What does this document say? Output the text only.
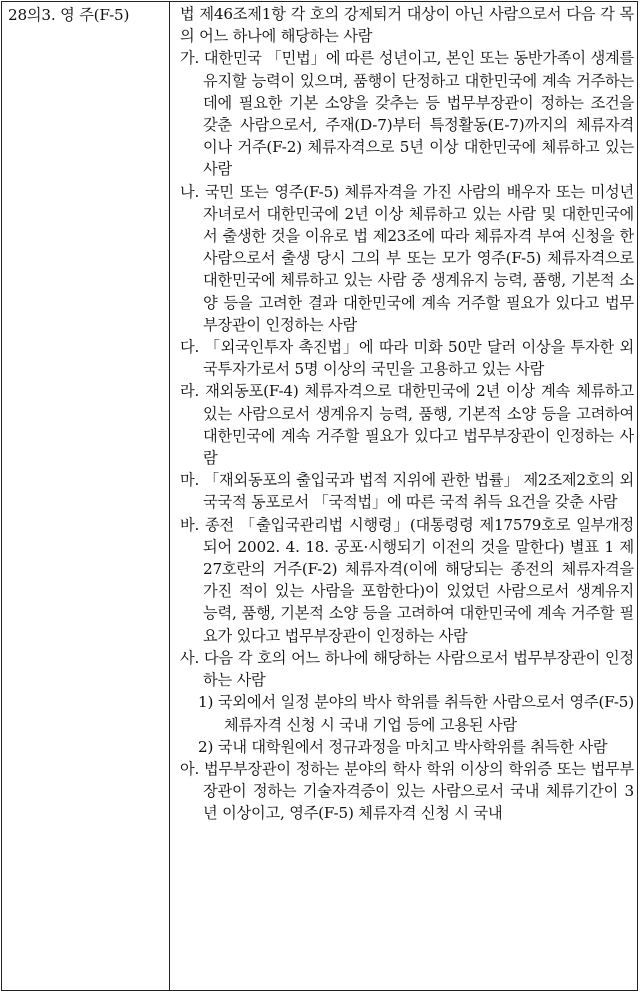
28의3. 영 주(F-5)	법 제46조제1항 각 호의 강제퇴거 대상이 아닌 사람으로서 다음 각 목의 어느 하나에 해당하는 사람

가. 대한민국 「민법」에 따른 성년이고, 본인 또는 동반가족이 생계를 유지할 능력이 있으며, 품행이 단정하고 대한민국에 계속 거주하는 데에 필요한 기본 소양을 갖추는 등 법무부장관이 정하는 조건을 갖춘 사람으로서, 주재(D-7)부터 특정활동(E-7)까지의 체류자격이나 거주(F-2) 체류자격으로 5년 이상 대한민국에 체류하고 있는 사람

나. 국민 또는 영주(F-5) 체류자격을 가진 사람의 배우자 또는 미성년 자녀로서 대한민국에 2년 이상 체류하고 있는 사람 및 대한민국에서 출생한 것을 이유로 법 제23조에 따라 체류자격 부여 신청을 한 사람으로서 출생 당시 그의 부 또는 모가 영주(F-5) 체류자격으로 대한민국에 체류하고 있는 사람 중 생계유지 능력, 품행, 기본적 소양 등을 고려한 결과 대한민국에 계속 거주할 필요가 있다고 법무부장관이 인정하는 사람

다. 「외국인투자 촉진법」에 따라 미화 50만 달러 이상을 투자한 외국투자가로서 5명 이상의 국민을 고용하고 있는 사람

라. 재외동포(F-4) 체류자격으로 대한민국에 2년 이상 계속 체류하고 있는 사람으로서 생계유지 능력, 품행, 기본적 소양 등을 고려하여 대한민국에 계속 거주할 필요가 있다고 법무부장관이 인정하는 사람

마. 「재외동포의 출입국과 법적 지위에 관한 법률」 제2조제2호의 외국국적 동포로서 「국적법」에 따른 국적 취득 요건을 갖춘 사람

바. 종전 「출입국관리법 시행령」(대통령령 제17579호로 일부개정되어 2002. 4. 18. 공포·시행되기 이전의 것을 말한다) 별표 1 제27호란의 거주(F-2) 체류자격(이에 해당되는 종전의 체류자격을 가진 적이 있는 사람을 포함한다)이 있었던 사람으로서 생계유지 능력, 품행, 기본적 소양 등을 고려하여 대한민국에 계속 거주할 필요가 있다고 법무부장관이 인정하는 사람

사. 다음 각 호의 어느 하나에 해당하는 사람으로서 법무부장관이 인정하는 사람

1) 국외에서 일정 분야의 박사 학위를 취득한 사람으로서 영주(F-5) 체류자격 신청 시 국내 기업 등에 고용된 사람

2) 국내 대학원에서 정규과정을 마치고 박사학위를 취득한 사람

아. 법무부장관이 정하는 분야의 학사 학위 이상의 학위증 또는 법무부장관이 정하는 기술자격증이 있는 사람으로서 국내 체류기간이 3년 이상이고, 영주(F-5) 체류자격 신청 시 국내
